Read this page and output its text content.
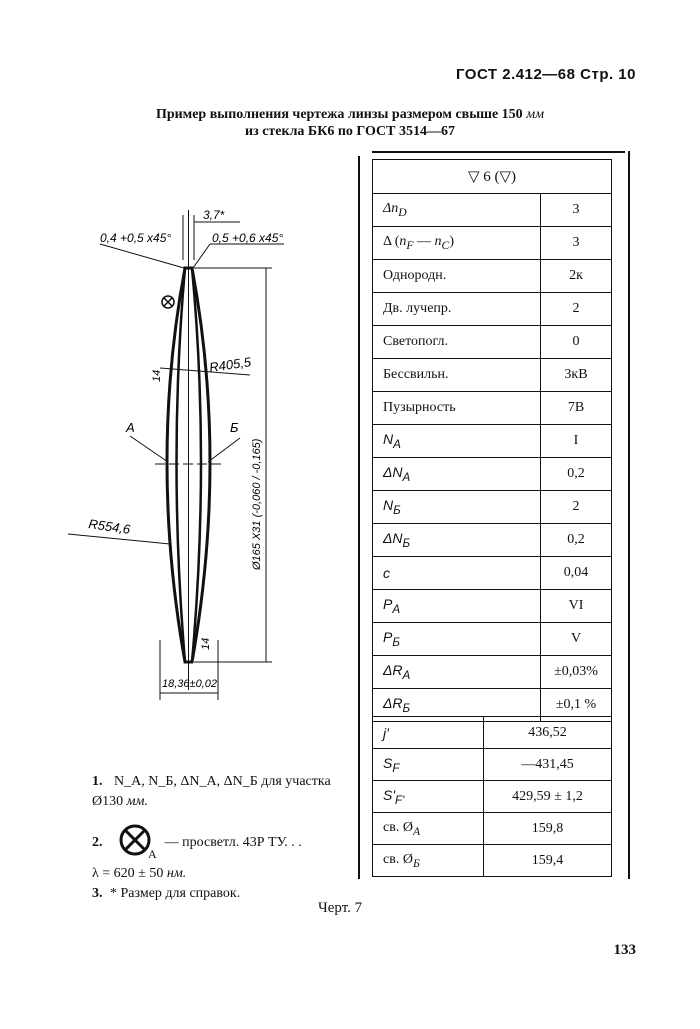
ГОСТ 2.412—68 Стр. 10
Пример выполнения чертежа линзы размером свыше 150 мм
из стекла БК6 по ГОСТ 3514—67
▽ 6 (▽)	
$\Delta n_D$	3
Δ ($n_F$ — $n_C$)	3
Однородн.	2к
Дв. лучепр.	2
Светопогл.	0
Бессвильн.	3кВ
Пузырность	7В
$N_A$	I
$\Delta N_A$	0,2
$N_Б$	2
$\Delta N_Б$	0,2
c	0,04
$P_A$	VI
$P_Б$	V
$\Delta R_A$	±0,03%
$\Delta R_Б$	±0,1 %
j'	436,52
$S_F$	—431,45
$S'_{F'}$	429,59 ± 1,2
св. $Ø_A$	159,8
св. $Ø_Б$	159,4
3,7*
0,4 +0,5 x45°	0,5 +0,6 x45°
R405,5
14
А	Б
R554,6	Ø165 X31 (-0,060 / -0,165)
14
18,36±0,02
1. N_A, N_Б, ΔN_A, ΔN_Б для участка
Ø130
мм.
2.
A
— просветл. 43Р ТУ. . .
λ = 620 ± 50
нм.
3. * Размер для справок.
Черт. 7
133
